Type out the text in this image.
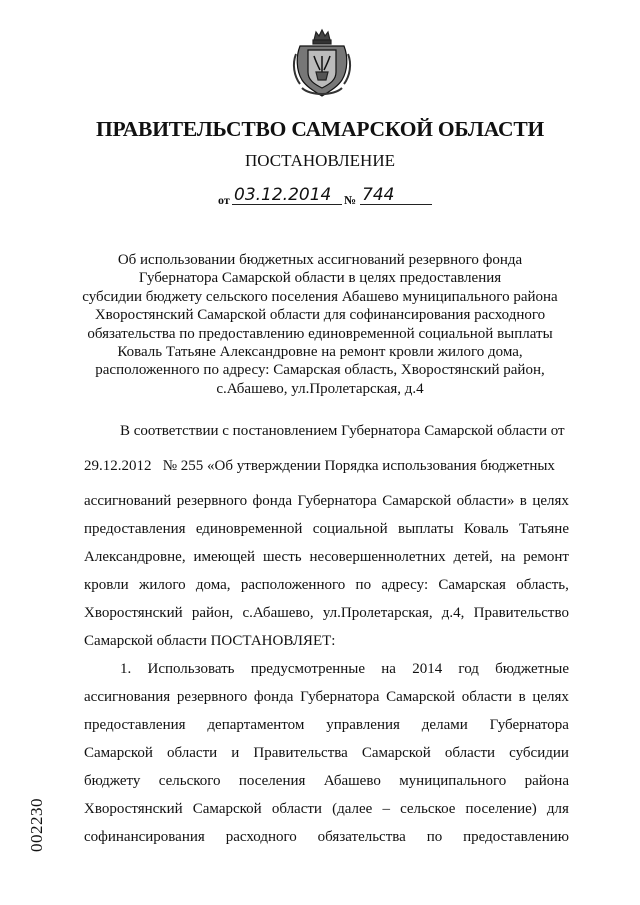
ПРАВИТЕЛЬСТВО САМАРСКОЙ ОБЛАСТИ
ПОСТАНОВЛЕНИЕ
от 03.12.2014	№ 744
Об использовании бюджетных ассигнований резервного фонда
Губернатора Самарской области в целях предоставления
субсидии бюджету сельского поселения Абашево муниципального района
Хворостянский Самарской области для софинансирования расходного
обязательства по предоставлению единовременной социальной выплаты
Коваль Татьяне Александровне на ремонт кровли жилого дома,
расположенного по адресу: Самарская область, Хворостянский район,
с.Абашево, ул.Пролетарская, д.4
В соответствии с постановлением Губернатора Самарской области от
29.12.2012   № 255 «Об утверждении Порядка использования бюджетных
ассигнований резервного фонда Губернатора Самарской области» в целях
предоставления единовременной социальной выплаты Коваль Татьяне
Александровне, имеющей шесть несовершеннолетних детей, на ремонт
кровли жилого дома, расположенного по адресу: Самарская область,
Хворостянский район, с.Абашево, ул.Пролетарская, д.4, Правительство
Самарской области ПОСТАНОВЛЯЕТ:
1. Использовать предусмотренные на 2014 год бюджетные
ассигнования резервного фонда Губернатора Самарской области в целях
предоставления департаментом управления делами Губернатора
Самарской области и Правительства Самарской области субсидии
бюджету сельского поселения Абашево муниципального района
Хворостянский Самарской области (далее – сельское поселение) для
софинансирования расходного обязательства по предоставлению
002230
